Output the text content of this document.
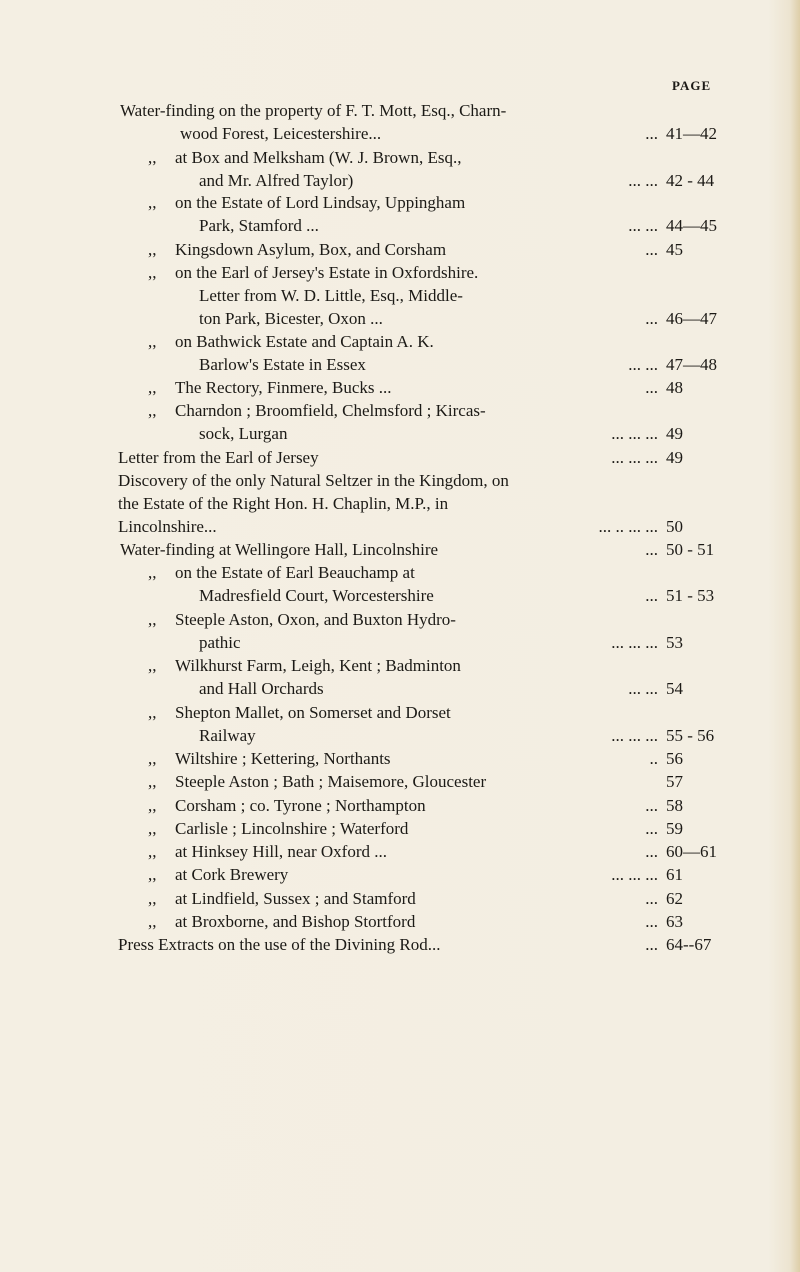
PAGE
Water-finding on the property of F. T. Mott, Esq., Charn-
wood Forest, Leicestershire...	... 41—42
,, at Box and Melksham (W. J. Brown, Esq.,
and Mr. Alfred Taylor)	... ... 42 - 44
,, on the Estate of Lord Lindsay, Uppingham
Park, Stamford ...	... ... 44—45
,, Kingsdown Asylum, Box, and Corsham	... 45
,, on the Earl of Jersey's Estate in Oxfordshire.
Letter from W. D. Little, Esq., Middle-
ton Park, Bicester, Oxon ...	... 46—47
,, on Bathwick Estate and Captain A. K.
Barlow's Estate in Essex	... ... 47—48
,, The Rectory, Finmere, Bucks ...	... 48
,, Charndon ; Broomfield, Chelmsford ; Kircas-
sock, Lurgan	... ... ... 49
Letter from the Earl of Jersey	... ... ... 49
Discovery of the only Natural Seltzer in the Kingdom, on
the Estate of the Right Hon. H. Chaplin, M.P., in
Lincolnshire...	... .. ... ... 50
Water-finding at Wellingore Hall, Lincolnshire	... 50 - 51
,, on the Estate of Earl Beauchamp at
Madresfield Court, Worcestershire	... 51 - 53
,, Steeple Aston, Oxon, and Buxton Hydro-
pathic	... ... ... 53
,, Wilkhurst Farm, Leigh, Kent ; Badminton
and Hall Orchards	... ... 54
,, Shepton Mallet, on Somerset and Dorset
Railway	... ... ... 55 - 56
,, Wiltshire ; Kettering, Northants	.. 56
,, Steeple Aston ; Bath ; Maisemore, Gloucester	57
,, Corsham ; co. Tyrone ; Northampton	... 58
,, Carlisle ; Lincolnshire ; Waterford	... 59
,, at Hinksey Hill, near Oxford ...	... 60—61
,, at Cork Brewery	... ... ... 61
,, at Lindfield, Sussex ; and Stamford	... 62
,, at Broxborne, and Bishop Stortford	... 63
Press Extracts on the use of the Divining Rod...	... 64--67
